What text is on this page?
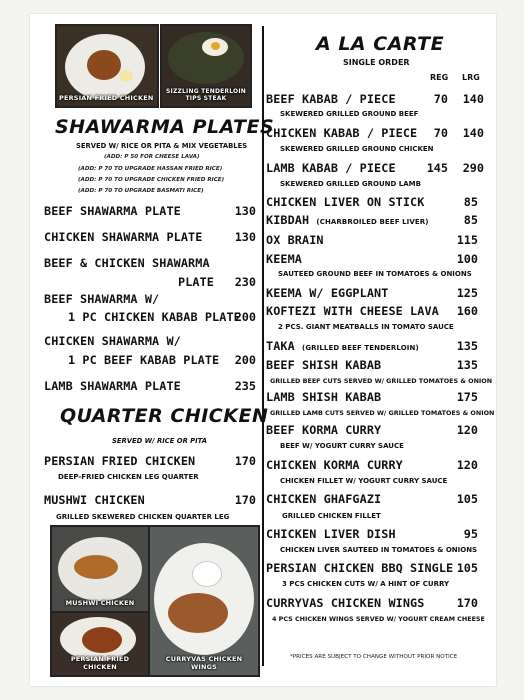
PERSIAN FRIED CHICKEN
SIZZLING TENDERLOIN TIPS STEAK
SHAWARMA PLATES
SERVED W/ RICE OR PITA & MIX VEGETABLES
(ADD: P 50 FOR CHEESE LAVA)
(ADD: P 70 TO UPGRADE HASSAN FRIED RICE)
(ADD: P 70 TO UPGRADE CHICKEN FRIED RICE)
(ADD: P 70 TO UPGRADE BASMATI RICE)
BEEF SHAWARMA PLATE	130
CHICKEN SHAWARMA PLATE	130
BEEF & CHICKEN SHAWARMA
PLATE	230
BEEF SHAWARMA W/
1 PC CHICKEN KABAB PLATE
200
CHICKEN SHAWARMA W/
1 PC BEEF KABAB PLATE	200
LAMB SHAWARMA PLATE	235
QUARTER CHICKEN
SERVED W/ RICE OR PITA
PERSIAN FRIED CHICKEN	170
DEEP-FRIED CHICKEN LEG QUARTER
MUSHWI CHICKEN	170
GRILLED SKEWERED CHICKEN QUARTER LEG
MUSHWI CHICKEN
PERSIAN FRIED CHICKEN
CURRYVAS CHICKEN WINGS
A LA CARTE
SINGLE ORDER
REG LRG
BEEF KABAB / PIECE	70	140
SKEWERED GRILLED GROUND BEEF
CHICKEN KABAB / PIECE	70	140
SKEWERED GRILLED GROUND CHICKEN
LAMB KABAB / PIECE	145	290
SKEWERED GRILLED GROUND LAMB
CHICKEN LIVER ON STICK	85
KIBDAH (CHARBROILED BEEF LIVER)	85
OX BRAIN	115
KEEMA	100
SAUTEED GROUND BEEF IN TOMATOES & ONIONS
KEEMA W/ EGGPLANT	125
KOFTEZI WITH CHEESE LAVA	160
2 PCS. GIANT MEATBALLS IN TOMATO SAUCE
TAKA (GRILLED BEEF TENDERLOIN)	135
BEEF SHISH KABAB	135
GRILLED BEEF CUTS SERVED W/ GRILLED TOMATOES & ONION
LAMB SHISH KABAB	175
GRILLED LAMB CUTS SERVED W/ GRILLED TOMATOES & ONION
BEEF KORMA CURRY	120
BEEF W/ YOGURT CURRY SAUCE
CHICKEN KORMA CURRY	120
CHICKEN FILLET W/ YOGURT CURRY SAUCE
CHICKEN GHAFGAZI	105
GRILLED CHICKEN FILLET
CHICKEN LIVER DISH	95
CHICKEN LIVER SAUTEED IN TOMATOES & ONIONS
PERSIAN CHICKEN BBQ SINGLE 105
3 PCS CHICKEN CUTS W/ A HINT OF CURRY
CURRYVAS CHICKEN WINGS	170
4 PCS CHICKEN WINGS SERVED W/ YOGURT CREAM CHEESE
*PRICES ARE SUBJECT TO CHANGE WITHOUT PRIOR NOTICE
